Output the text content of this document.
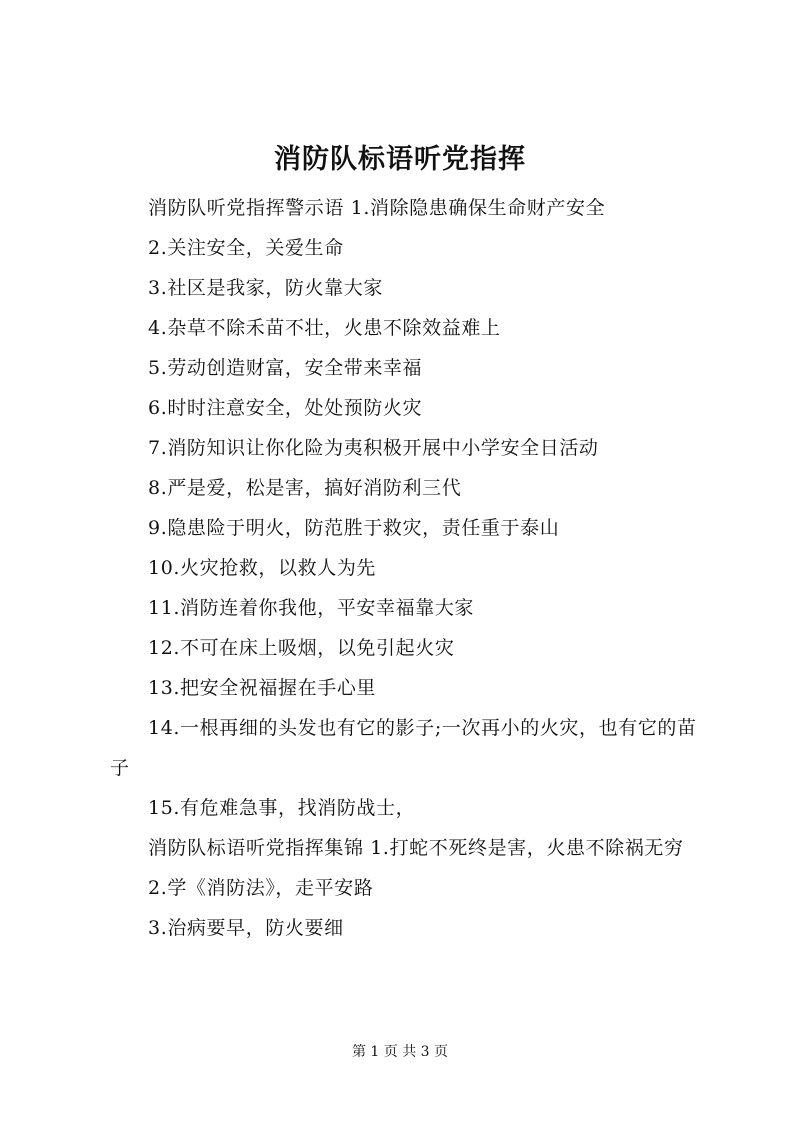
消防队标语听党指挥

消防队听党指挥警示语 1.消除隐患确保生命财产安全

2.关注安全，关爱生命

3.社区是我家，防火靠大家

4.杂草不除禾苗不壮，火患不除效益难上

5.劳动创造财富，安全带来幸福

6.时时注意安全，处处预防火灾

7.消防知识让你化险为夷积极开展中小学安全日活动

8.严是爱，松是害，搞好消防利三代

9.隐患险于明火，防范胜于救灾，责任重于泰山

10.火灾抢救，以救人为先

11.消防连着你我他，平安幸福靠大家

12.不可在床上吸烟，以免引起火灾

13.把安全祝福握在手心里

14.一根再细的头发也有它的影子;一次再小的火灾，也有它的苗子

15.有危难急事，找消防战士，

消防队标语听党指挥集锦 1.打蛇不死终是害，火患不除祸无穷

2.学《消防法》，走平安路

3.治病要早，防火要细

第 1 页 共 3 页
